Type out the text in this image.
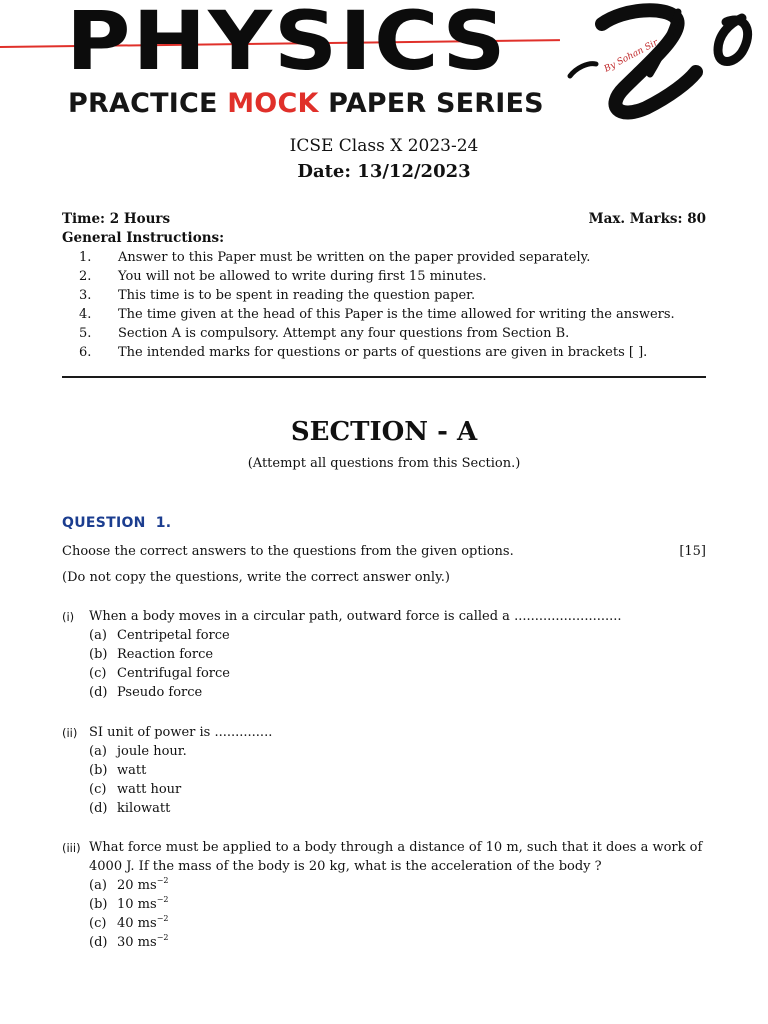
PHYSICS
PRACTICE MOCK PAPER SERIES
By Sohan Sir
ICSE Class X 2023-24
Date: 13/12/2023
Time: 2 Hours	Max. Marks: 80
General Instructions:
1. Answer to this Paper must be written on the paper provided separately.
2. You will not be allowed to write during first 15 minutes.
3. This time is to be spent in reading the question paper.
4. The time given at the head of this Paper is the time allowed for writing the answers.
5. Section A is compulsory. Attempt any four questions from Section B.
6. The intended marks for questions or parts of questions are given in brackets [ ].
SECTION - A
(Attempt all questions from this Section.)
QUESTION 1.
Choose the correct answers to the questions from the given options.	[15]
(Do not copy the questions, write the correct answer only.)
(i) When a body moves in a circular path, outward force is called a ..........................
(a) Centripetal force
(b) Reaction force
(c) Centrifugal force
(d) Pseudo force
(ii) SI unit of power is ..............
(a) joule hour.
(b) watt
(c) watt hour
(d) kilowatt
(iii) What force must be applied to a body through a distance of 10 m, such that it does a work of 4000 J. If the mass of the body is 20 kg, what is the acceleration of the body ?
(a) 20 $ms^{-2}$
(b) 10 $ms^{-2}$
(c) 40 $ms^{-2}$
(d) 30 $ms^{-2}$
